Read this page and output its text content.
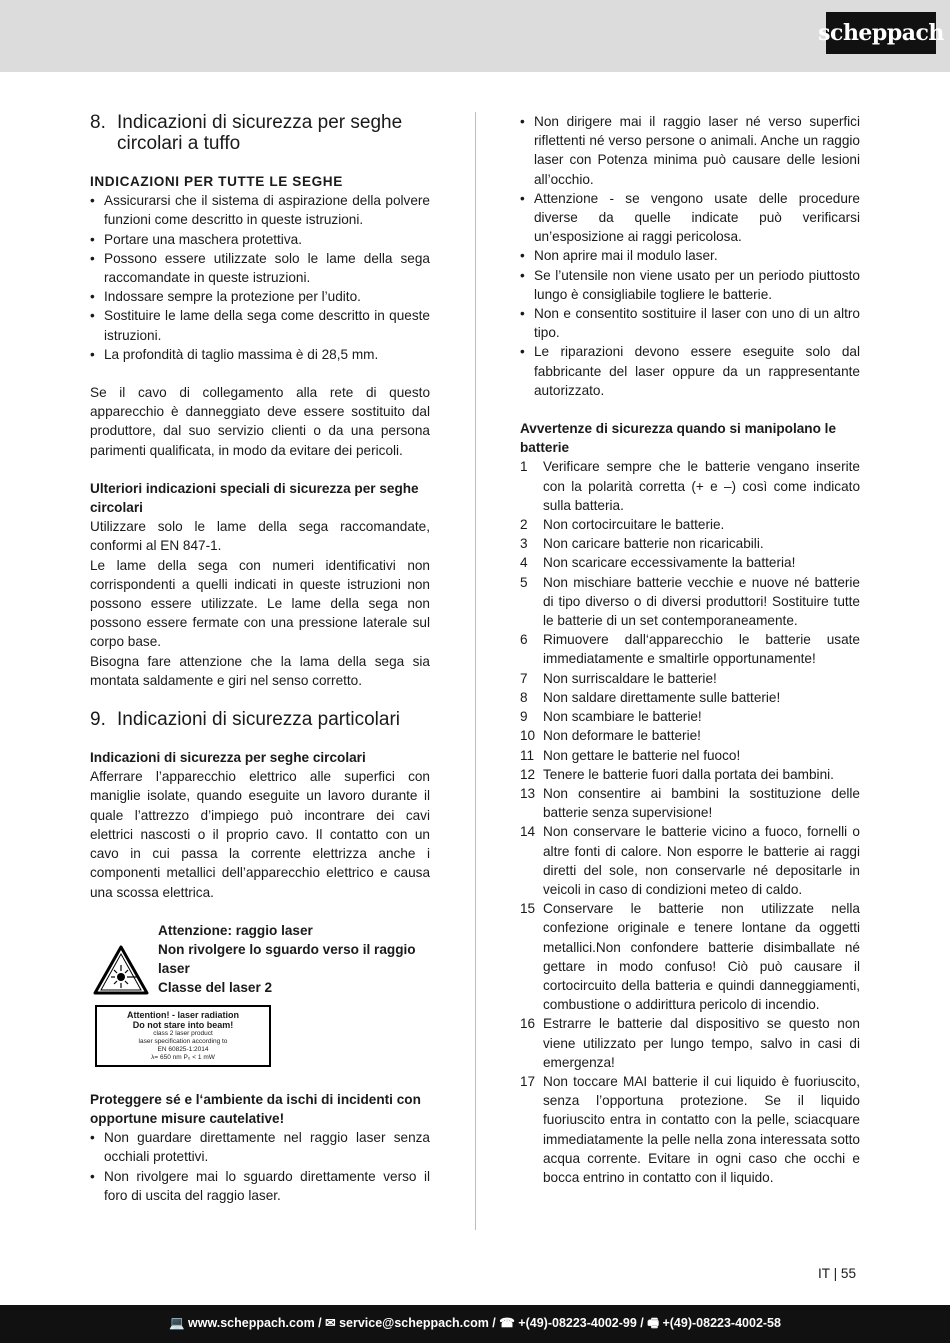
scheppach
8. Indicazioni di sicurezza per seghe circolari a tuffo
INDICAZIONI PER TUTTE LE SEGHE
• Assicurarsi che il sistema di aspirazione della polvere funzioni come descritto in queste istruzioni.
• Portare una maschera protettiva.
• Possono essere utilizzate solo le lame della sega raccomandate in queste istruzioni.
• Indossare sempre la protezione per l’udito.
• Sostituire le lame della sega come descritto in queste istruzioni.
• La profondità di taglio massima è di 28,5 mm.

Se il cavo di collegamento alla rete di questo apparecchio è danneggiato deve essere sostituito dal produttore, dal suo servizio clienti o da una persona parimenti qualificata, in modo da evitare dei pericoli.

Ulteriori indicazioni speciali di sicurezza per seghe circolari

Utilizzare solo le lame della sega raccomandate, conformi al EN 847-1.

Le lame della sega con numeri identificativi non corrispondenti a quelli indicati in queste istruzioni non possono essere utilizzate. Le lame della sega non possono essere fermate con una pressione laterale sul corpo base.

Bisogna fare attenzione che la lama della sega sia montata saldamente e giri nel senso corretto.

9. Indicazioni di sicurezza particolari
Indicazioni di sicurezza per seghe circolari

Afferrare l’apparecchio elettrico alle superfici con maniglie isolate, quando eseguite un lavoro durante il quale l’attrezzo d’impiego può incontrare dei cavi elettrici nascosti o il proprio cavo. Il contatto con un cavo in cui passa la corrente elettrizza anche i componenti metallici dell’apparecchio elettrico e causa una scossa elettrica.

Attenzione: raggio laser
Non rivolgere lo sguardo verso il raggio laser
Classe del laser 2
Attention! - laser radiation
Do not stare into beam!
class 2 laser product
laser specification according to
EN 60825-1:2014
λ= 650 nm P₀ < 1 mW
Proteggere sé e l‘ambiente da ischi di incidenti con opportune misure cautelative!
• Non guardare direttamente nel raggio laser senza occhiali protettivi.
• Non rivolgere mai lo sguardo direttamente verso il foro di uscita del raggio laser.
• Non dirigere mai il raggio laser né verso superfici riflettenti né verso persone o animali. Anche un raggio laser con Potenza minima può causare delle lesioni all’occhio.
• Attenzione - se vengono usate delle procedure diverse da quelle indicate può verificarsi un’esposizione ai raggi pericolosa.
• Non aprire mai il modulo laser.
• Se l’utensile non viene usato per un periodo piuttosto lungo è consigliabile togliere le batterie.
• Non e consentito sostituire il laser con uno di un altro tipo.
• Le riparazioni devono essere eseguite solo dal fabbricante del laser oppure da un rappresentante autorizzato.
Avvertenze di sicurezza quando si manipolano le batterie
1	Verificare sempre che le batterie vengano inserite con la polarità corretta (+ e –) così come indicato sulla batteria.
2	Non cortocircuitare le batterie.
3	Non caricare batterie non ricaricabili.
4	Non scaricare eccessivamente la batteria!
5	Non mischiare batterie vecchie e nuove né batterie di tipo diverso o di diversi produttori! Sostituire tutte le batterie di un set contemporaneamente.
6	Rimuovere dall‘apparecchio le batterie usate immediatamente e smaltirle opportunamente!
7	Non surriscaldare le batterie!
8	Non saldare direttamente sulle batterie!
9	Non scambiare le batterie!
10 Non deformare le batterie!
11 Non gettare le batterie nel fuoco!
12 Tenere le batterie fuori dalla portata dei bambini.
13 Non consentire ai bambini la sostituzione delle batterie senza supervisione!
14 Non conservare le batterie vicino a fuoco, fornelli o altre fonti di calore. Non esporre le batterie ai raggi diretti del sole, non conservarle né depositarle in veicoli in caso di condizioni meteo di caldo.
15 Conservare le batterie non utilizzate nella confezione originale e tenere lontane da oggetti metallici.Non confondere batterie disimballate né gettare in modo confuso! Ciò può causare il cortocircuito della batteria e quindi danneggiamenti, combustione o addirittura pericolo di incendio.
16 Estrarre le batterie dal dispositivo se questo non viene utilizzato per lungo tempo, salvo in casi di emergenza!
17 Non toccare MAI batterie il cui liquido è fuoriuscito, senza l’opportuna protezione. Se il liquido fuoriuscito entra in contatto con la pelle, sciacquare immediatamente la pelle nella zona interessata sotto acqua corrente. Evitare in ogni caso che occhi e bocca entrino in contatto con il liquido.
IT | 55
💻 www.scheppach.com / ✉ service@scheppach.com / ☎ +(49)-08223-4002-99 / 🖷 +(49)-08223-4002-58
